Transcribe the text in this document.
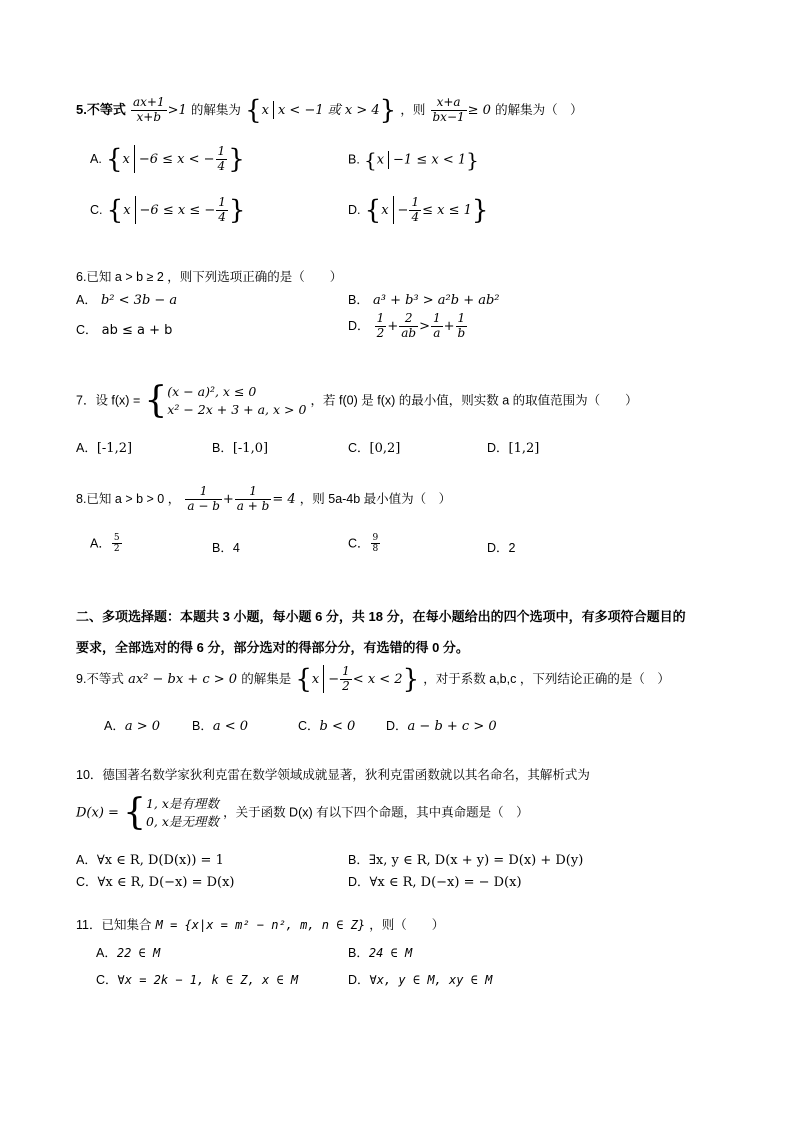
5.不等式 $\frac{ax+1}{x+b} >1$ 的解集为 {x x < −1 或 x > 4} ，则 $\frac{x+a}{bx-1} \ge 0$ 的解集为（　）
A. {x −6 ≤ x < − $\frac{1}{4}$ }	B. {x −1 ≤ x < 1}
C. {x −6 ≤ x ≤ − $\frac{1}{4}$ }	D. $\{x - \frac{1}{4} \le x \le 1\}$
6.已知 a > b ≥ 2 ，则下列选项正确的是（　　）
A． b² < 3b − a	B． a³ + b³ > a²b + ab²
C． ab ≤ a + b	D． $\frac{1}{2} + \frac{2}{ab} > \frac{1}{a} + \frac{1}{b}$
7．设 f(x) = { (x − a)², x ≤ 0
x² − 2x + 3 + a, x > 0
，若 f(0) 是 f(x) 的最小值，则实数 a 的取值范围为（　　）
A．[-1,2]	B．[-1,0]	C．[0,2]	D．[1,2]
8.已知 a > b > 0 ， $\frac{1}{a - b} + \frac{1}{a + b} = 4$ ，则 5a-4b 最小值为（　）
A． $\frac{5}{2}$	B．4	C． $\frac{9}{8}$	D．2
二、多项选择题：本题共 3 小题，每小题 6 分，共 18 分，在每小题给出的四个选项中，有多项符合题目的
要求，全部选对的得 6 分，部分选对的得部分分，有选错的得 0 分。
9.不等式 ax² − bx + c > 0 的解集是 $\{x - \frac{1}{2} < x < 2\}$ ，对于系数 a,b,c ，下列结论正确的是（　）
A．a > 0	B．a < 0	C．b < 0 D．a − b + c > 0
10．德国著名数学家狄利克雷在数学领域成就显著，狄利克雷函数就以其名命名，其解析式为
D(x) = { 1, x是有理数
0, x是无理数
，关于函数 D(x) 有以下四个命题，其中真命题是（　）
A．∀x ∈ R, D(D(x)) = 1	B．∃x, y ∈ R, D(x + y) = D(x) + D(y)
C．∀x ∈ R, D(−x) = D(x)	D．∀x ∈ R, D(−x) = − D(x)
11．已知集合 M = {x|x = m² − n², m, n ∈ Z} ，则（　　）
A．22 ∈ M	B．24 ∈ M
C．∀x = 2k − 1, k ∈ Z, x ∈ M	D．∀x, y ∈ M, xy ∈ M
